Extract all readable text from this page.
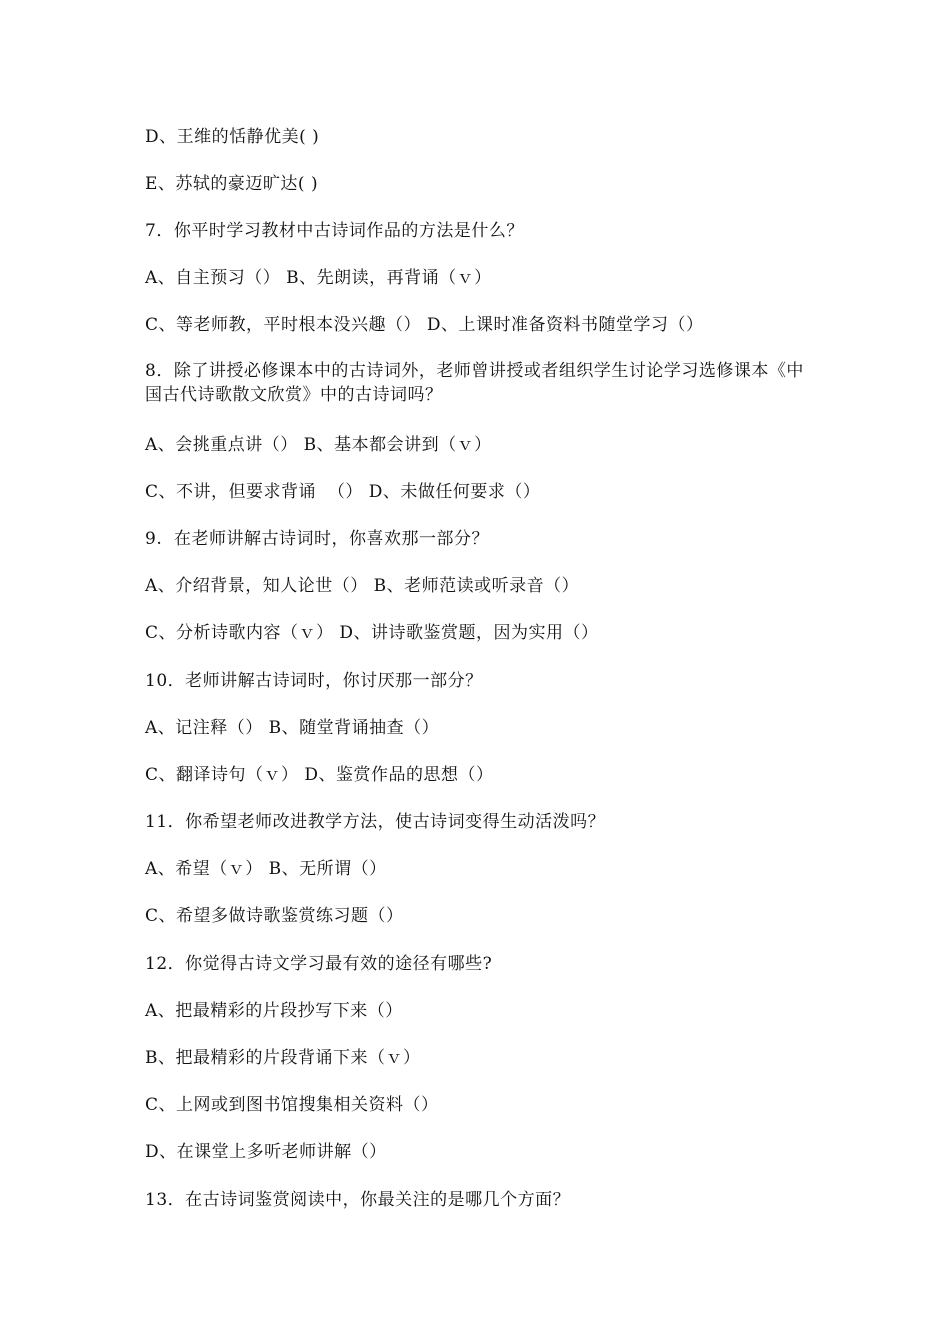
D、王维的恬静优美( )
E、苏轼的豪迈旷达( )
7．你平时学习教材中古诗词作品的方法是什么？
A、自主预习（） B、先朗读，再背诵（ｖ）
C、等老师教，平时根本没兴趣（） D、上课时准备资料书随堂学习（）
8．除了讲授必修课本中的古诗词外，老师曾讲授或者组织学生讨论学习选修课本《中国古代诗歌散文欣赏》中的古诗词吗？
A、会挑重点讲（） B、基本都会讲到（ｖ）
C、不讲，但要求背诵  （） D、未做任何要求（）
9.  在老师讲解古诗词时，你喜欢那一部分？
A、介绍背景，知人论世（） B、老师范读或听录音（）
C、分析诗歌内容（ｖ） D、讲诗歌鉴赏题，因为实用（）
10．老师讲解古诗词时，你讨厌那一部分？
A、记注释（） B、随堂背诵抽查（）
C、翻译诗句（ｖ） D、鉴赏作品的思想（）
11．你希望老师改进教学方法，使古诗词变得生动活泼吗？
A、希望（ｖ） B、无所谓（）
C、希望多做诗歌鉴赏练习题（）
12．你觉得古诗文学习最有效的途径有哪些?
A、把最精彩的片段抄写下来（）
B、把最精彩的片段背诵下来（ｖ）
C、上网或到图书馆搜集相关资料（）
D、在课堂上多听老师讲解（）
13．在古诗词鉴赏阅读中，你最关注的是哪几个方面？
